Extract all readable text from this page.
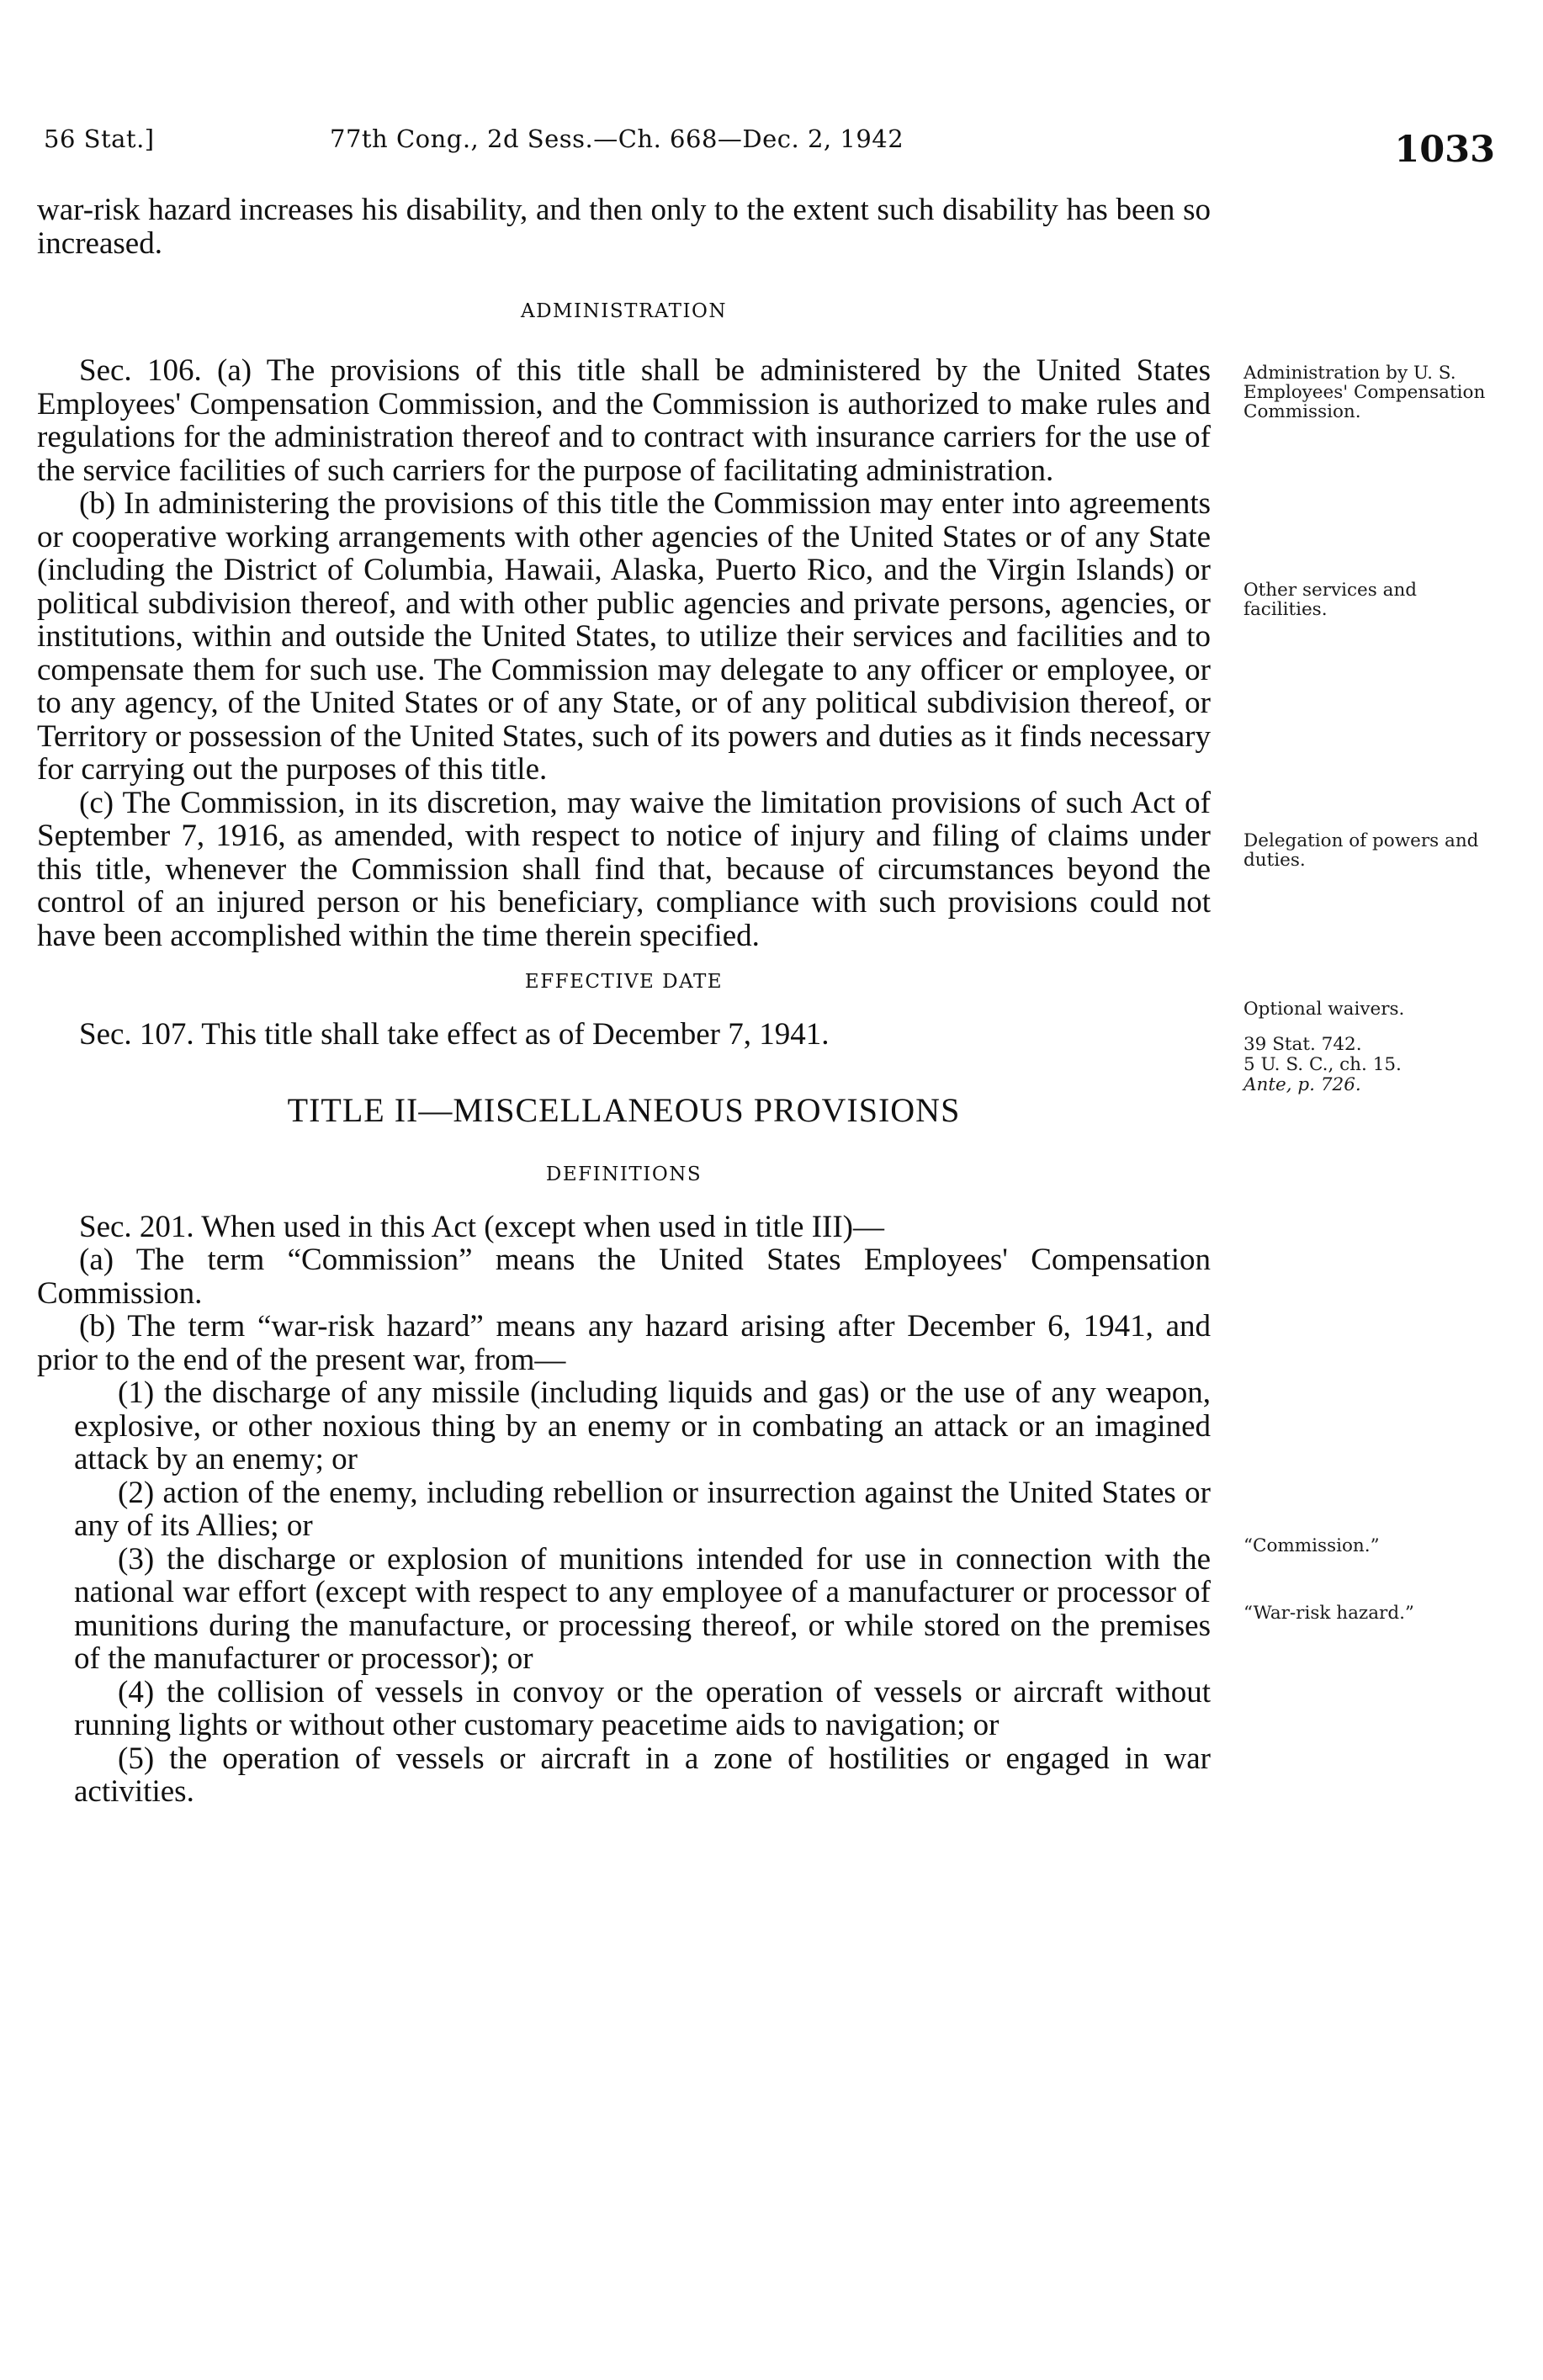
56 Stat.]	77th Cong., 2d Sess.—Ch. 668—Dec. 2, 1942	1033

war-risk hazard increases his disability, and then only to the extent such disability has been so increased.

ADMINISTRATION

Sec. 106. (a) The provisions of this title shall be administered by the United States Employees' Compensation Commission, and the Commission is authorized to make rules and regulations for the administration thereof and to contract with insurance carriers for the use of the service facilities of such carriers for the purpose of facilitating administration.

(b) In administering the provisions of this title the Commission may enter into agreements or cooperative working arrangements with other agencies of the United States or of any State (including the District of Columbia, Hawaii, Alaska, Puerto Rico, and the Virgin Islands) or political subdivision thereof, and with other public agencies and private persons, agencies, or institutions, within and outside the United States, to utilize their services and facilities and to compensate them for such use. The Commission may delegate to any officer or employee, or to any agency, of the United States or of any State, or of any political subdivision thereof, or Territory or possession of the United States, such of its powers and duties as it finds necessary for carrying out the purposes of this title.

(c) The Commission, in its discretion, may waive the limitation provisions of such Act of September 7, 1916, as amended, with respect to notice of injury and filing of claims under this title, whenever the Commission shall find that, because of circumstances beyond the control of an injured person or his beneficiary, compliance with such provisions could not have been accomplished within the time therein specified.

EFFECTIVE DATE

Sec. 107. This title shall take effect as of December 7, 1941.

TITLE II—MISCELLANEOUS PROVISIONS
DEFINITIONS

Sec. 201. When used in this Act (except when used in title III)—

(a) The term “Commission” means the United States Employees' Compensation Commission.

(b) The term “war-risk hazard” means any hazard arising after December 6, 1941, and prior to the end of the present war, from—

(1) the discharge of any missile (including liquids and gas) or the use of any weapon, explosive, or other noxious thing by an enemy or in combating an attack or an imagined attack by an enemy; or

(2) action of the enemy, including rebellion or insurrection against the United States or any of its Allies; or

(3) the discharge or explosion of munitions intended for use in connection with the national war effort (except with respect to any employee of a manufacturer or processor of munitions during the manufacture, or processing thereof, or while stored on the premises of the manufacturer or processor); or

(4) the collision of vessels in convoy or the operation of vessels or aircraft without running lights or without other customary peacetime aids to navigation; or

(5) the operation of vessels or aircraft in a zone of hostilities or engaged in war activities.

Administration by U. S. Employees' Compensation Commission.
Other services and facilities.
Delegation of powers and duties.
Optional waivers.
39 Stat. 742.
5 U. S. C., ch. 15.
Ante, p. 726.
“Commission.”
“War-risk hazard.”
